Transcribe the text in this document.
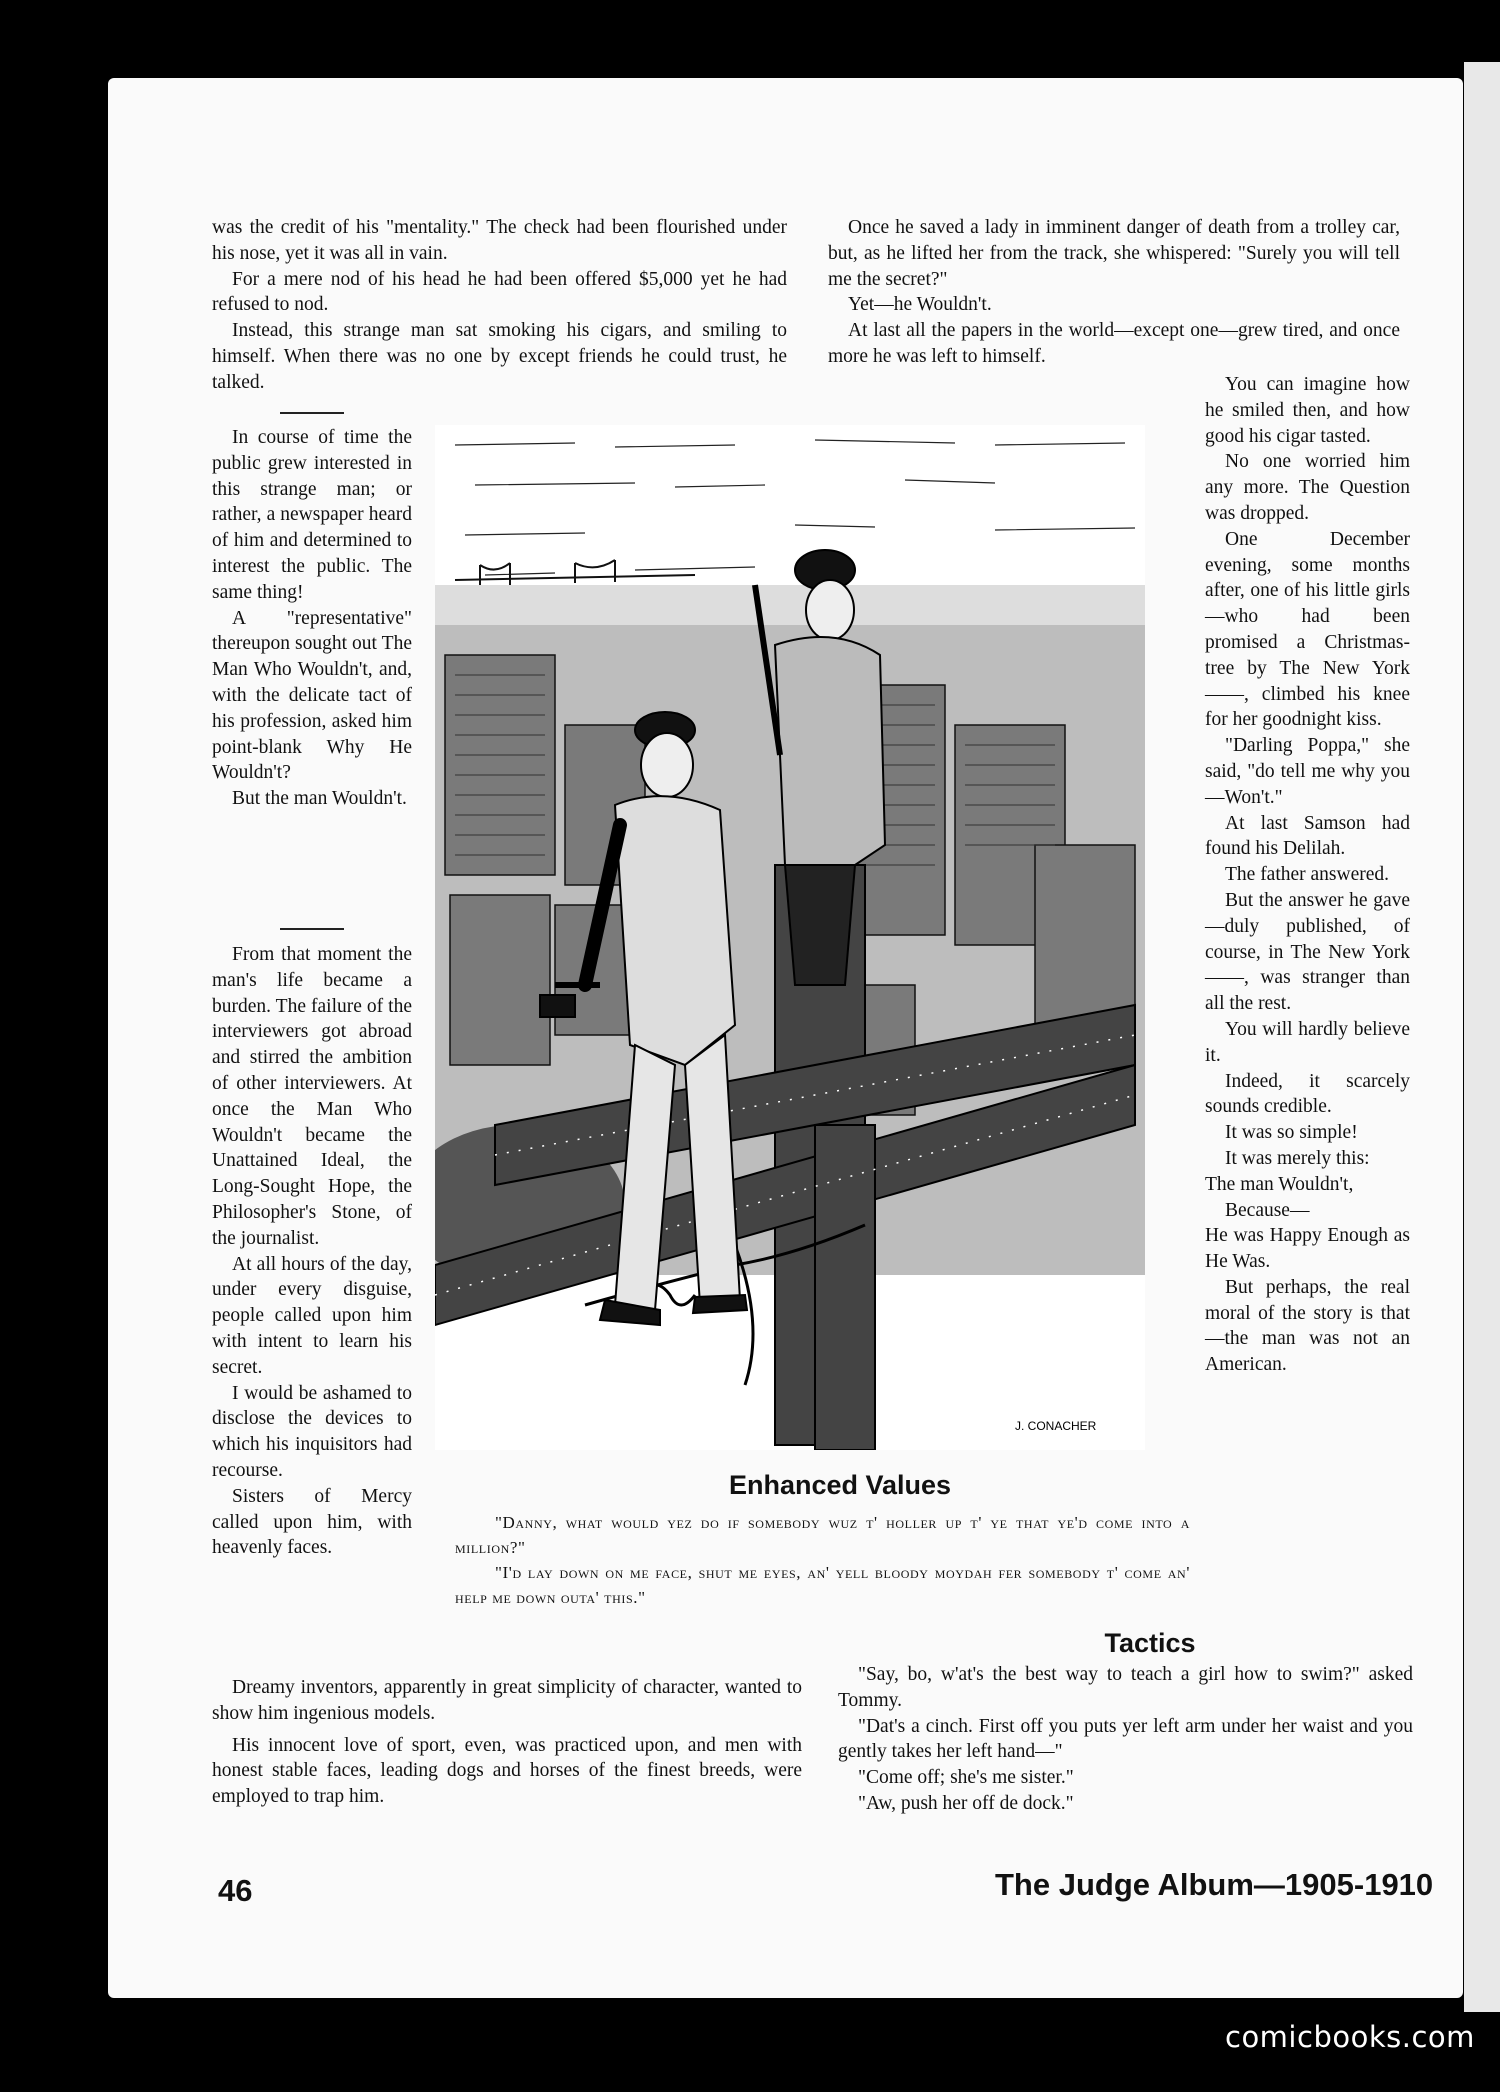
was the credit of his "mentality." The check had been flourished under his nose, yet it was all in vain.

For a mere nod of his head he had been offered $5,000 yet he had refused to nod.

Instead, this strange man sat smoking his cigars, and smiling to himself. When there was no one by except friends he could trust, he talked.

Once he saved a lady in imminent danger of death from a trolley car, but, as he lifted her from the track, she whispered: "Surely you will tell me the secret?"

Yet—he Wouldn't.

At last all the papers in the world—except one—grew tired, and once more he was left to himself.

In course of time the public grew interested in this strange man; or rather, a newspaper heard of him and determined to interest the public. The same thing!

A "representative" thereupon sought out The Man Who Wouldn't, and, with the delicate tact of his profession, asked him point-blank Why He Wouldn't?

But the man Wouldn't.

From that moment the man's life became a burden. The failure of the interviewers got abroad and stirred the ambition of other interviewers. At once the Man Who Wouldn't became the Unattained Ideal, the Long-Sought Hope, the Philosopher's Stone, of the journalist.

At all hours of the day, under every disguise, people called upon him with intent to learn his secret.

I would be ashamed to disclose the devices to which his inquisitors had recourse.

Sisters of Mercy called upon him, with heavenly faces.

You can imagine how he smiled then, and how good his cigar tasted.

No one worried him any more. The Question was dropped.

One December evening, some months after, one of his little girls—who had been promised a Christmas-tree by The New York ——, climbed his knee for her goodnight kiss.

"Darling Poppa," she said, "do tell me why you—Won't."

At last Samson had found his Delilah.

The father answered.

But the answer he gave—duly published, of course, in The New York ——, was stranger than all the rest.

You will hardly believe it.

Indeed, it scarcely sounds credible.

It was so simple!

It was merely this:

The man Wouldn't,

Because—

He was Happy Enough as He Was.

But perhaps, the real moral of the story is that—the man was not an American.

J. CONACHER
Enhanced Values
"Danny, what would yez do if somebody wuz t' holler up t' ye that ye'd come into a million?"
"I'd lay down on me face, shut me eyes, an' yell bloody moydah fer somebody t' come an' help me down outa' this."

Dreamy inventors, apparently in great simplicity of character, wanted to show him ingenious models.

His innocent love of sport, even, was practiced upon, and men with honest stable faces, leading dogs and horses of the finest breeds, were employed to trap him.

Tactics

"Say, bo, w'at's the best way to teach a girl how to swim?" asked Tommy.

"Dat's a cinch. First off you puts yer left arm under her waist and you gently takes her left hand—"

"Come off; she's me sister."

"Aw, push her off de dock."

46	The Judge Album—1905-1910
comicbooks.com
